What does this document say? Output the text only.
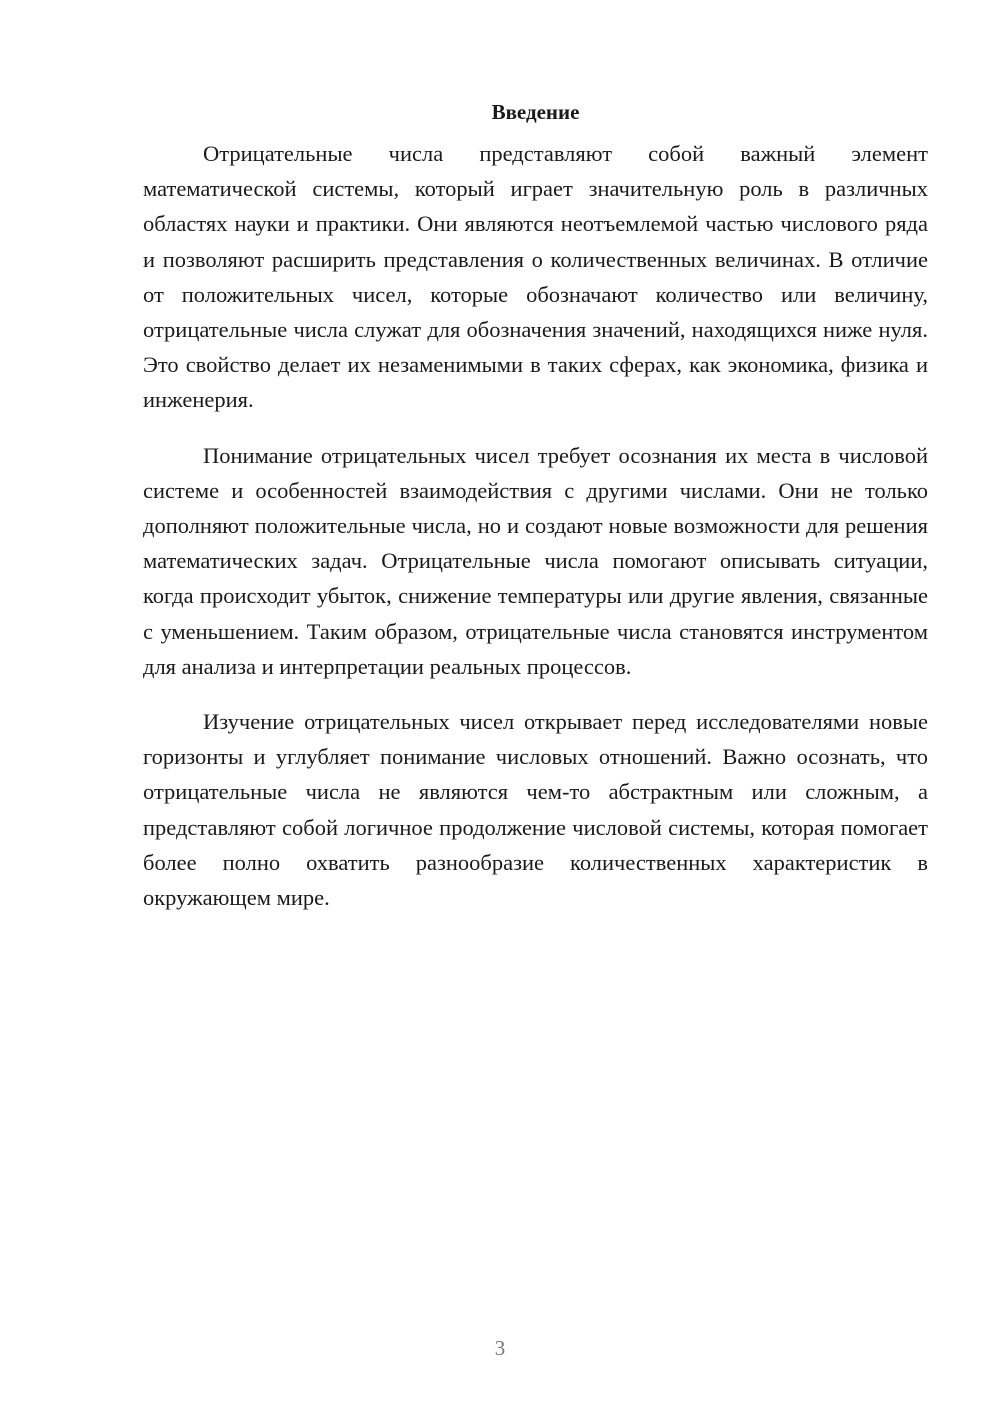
Введение

Отрицательные числа представляют собой важный элемент математической системы, который играет значительную роль в различных областях науки и практики. Они являются неотъемлемой частью числового ряда и позволяют расширить представления о количественных величинах. В отличие от положительных чисел, которые обозначают количество или величину, отрицательные числа служат для обозначения значений, находящихся ниже нуля. Это свойство делает их незаменимыми в таких сферах, как экономика, физика и инженерия.

Понимание отрицательных чисел требует осознания их места в числовой системе и особенностей взаимодействия с другими числами. Они не только дополняют положительные числа, но и создают новые возможности для решения математических задач. Отрицательные числа помогают описывать ситуации, когда происходит убыток, снижение температуры или другие явления, связанные с уменьшением. Таким образом, отрицательные числа становятся инструментом для анализа и интерпретации реальных процессов.

Изучение отрицательных чисел открывает перед исследователями новые горизонты и углубляет понимание числовых отношений. Важно осознать, что отрицательные числа не являются чем-то абстрактным или сложным, а представляют собой логичное продолжение числовой системы, которая помогает более полно охватить разнообразие количественных характеристик в окружающем мире.

3
